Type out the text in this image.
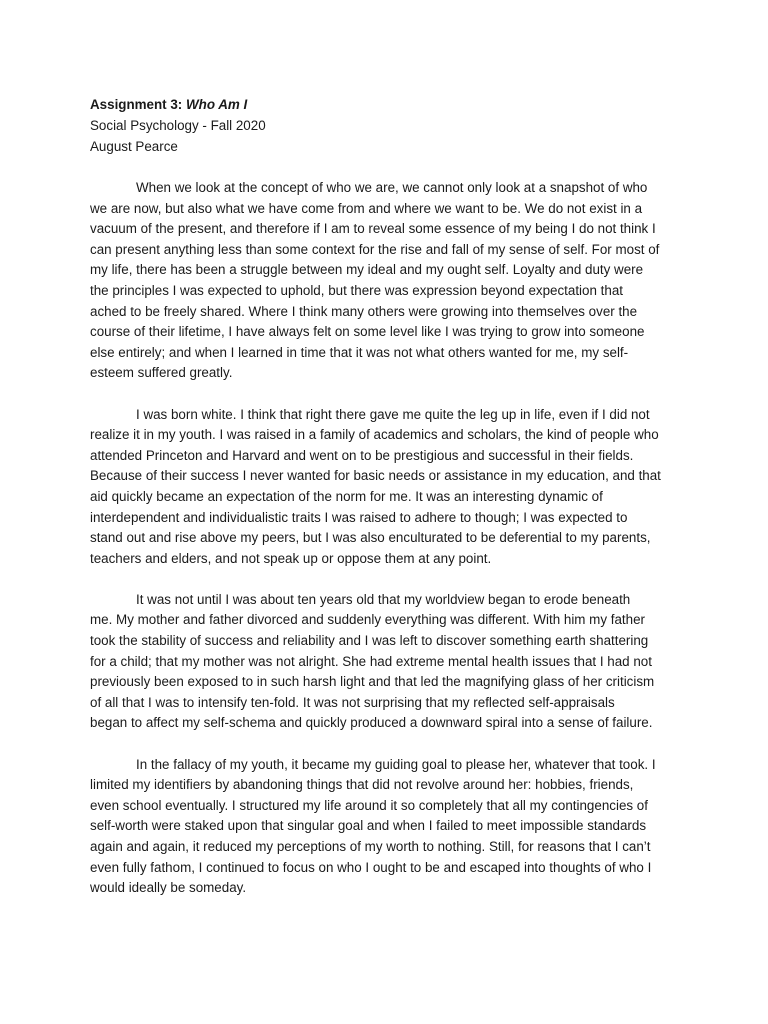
Assignment 3: Who Am I
Social Psychology - Fall 2020
August Pearce
When we look at the concept of who we are, we cannot only look at a snapshot of who
we are now, but also what we have come from and where we want to be. We do not exist in a
vacuum of the present, and therefore if I am to reveal some essence of my being I do not think I
can present anything less than some context for the rise and fall of my sense of self. For most of
my life, there has been a struggle between my ideal and my ought self. Loyalty and duty were
the principles I was expected to uphold, but there was expression beyond expectation that
ached to be freely shared. Where I think many others were growing into themselves over the
course of their lifetime, I have always felt on some level like I was trying to grow into someone
else entirely; and when I learned in time that it was not what others wanted for me, my self-
esteem suffered greatly.
I was born white. I think that right there gave me quite the leg up in life, even if I did not
realize it in my youth. I was raised in a family of academics and scholars, the kind of people who
attended Princeton and Harvard and went on to be prestigious and successful in their fields.
Because of their success I never wanted for basic needs or assistance in my education, and that
aid quickly became an expectation of the norm for me. It was an interesting dynamic of
interdependent and individualistic traits I was raised to adhere to though; I was expected to
stand out and rise above my peers, but I was also enculturated to be deferential to my parents,
teachers and elders, and not speak up or oppose them at any point.
It was not until I was about ten years old that my worldview began to erode beneath
me. My mother and father divorced and suddenly everything was different. With him my father
took the stability of success and reliability and I was left to discover something earth shattering
for a child; that my mother was not alright. She had extreme mental health issues that I had not
previously been exposed to in such harsh light and that led the magnifying glass of her criticism
of all that I was to intensify ten-fold. It was not surprising that my reflected self-appraisals
began to affect my self-schema and quickly produced a downward spiral into a sense of failure.
In the fallacy of my youth, it became my guiding goal to please her, whatever that took. I
limited my identifiers by abandoning things that did not revolve around her: hobbies, friends,
even school eventually. I structured my life around it so completely that all my contingencies of
self-worth were staked upon that singular goal and when I failed to meet impossible standards
again and again, it reduced my perceptions of my worth to nothing. Still, for reasons that I can’t
even fully fathom, I continued to focus on who I ought to be and escaped into thoughts of who I
would ideally be someday.
